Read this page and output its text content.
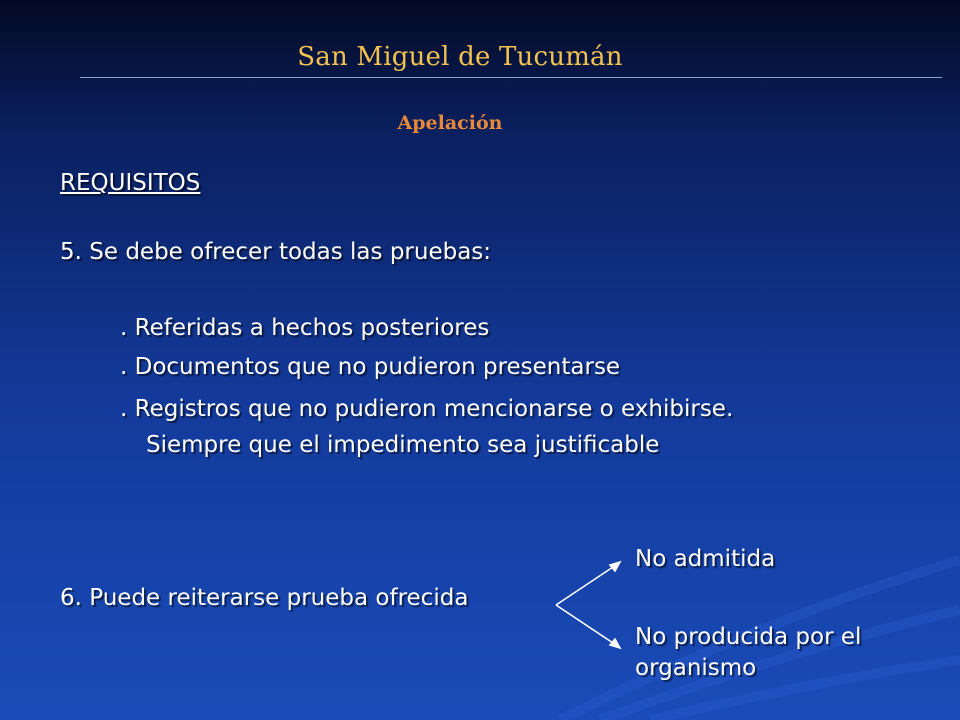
San Miguel de Tucumán
Apelación
REQUISITOS
5. Se debe ofrecer todas las pruebas:
. Referidas a hechos posteriores
. Documentos que no pudieron presentarse
. Registros que no pudieron mencionarse o exhibirse.
Siempre que el impedimento sea justificable
6. Puede reiterarse prueba ofrecida
No admitida
No producida por el organismo
